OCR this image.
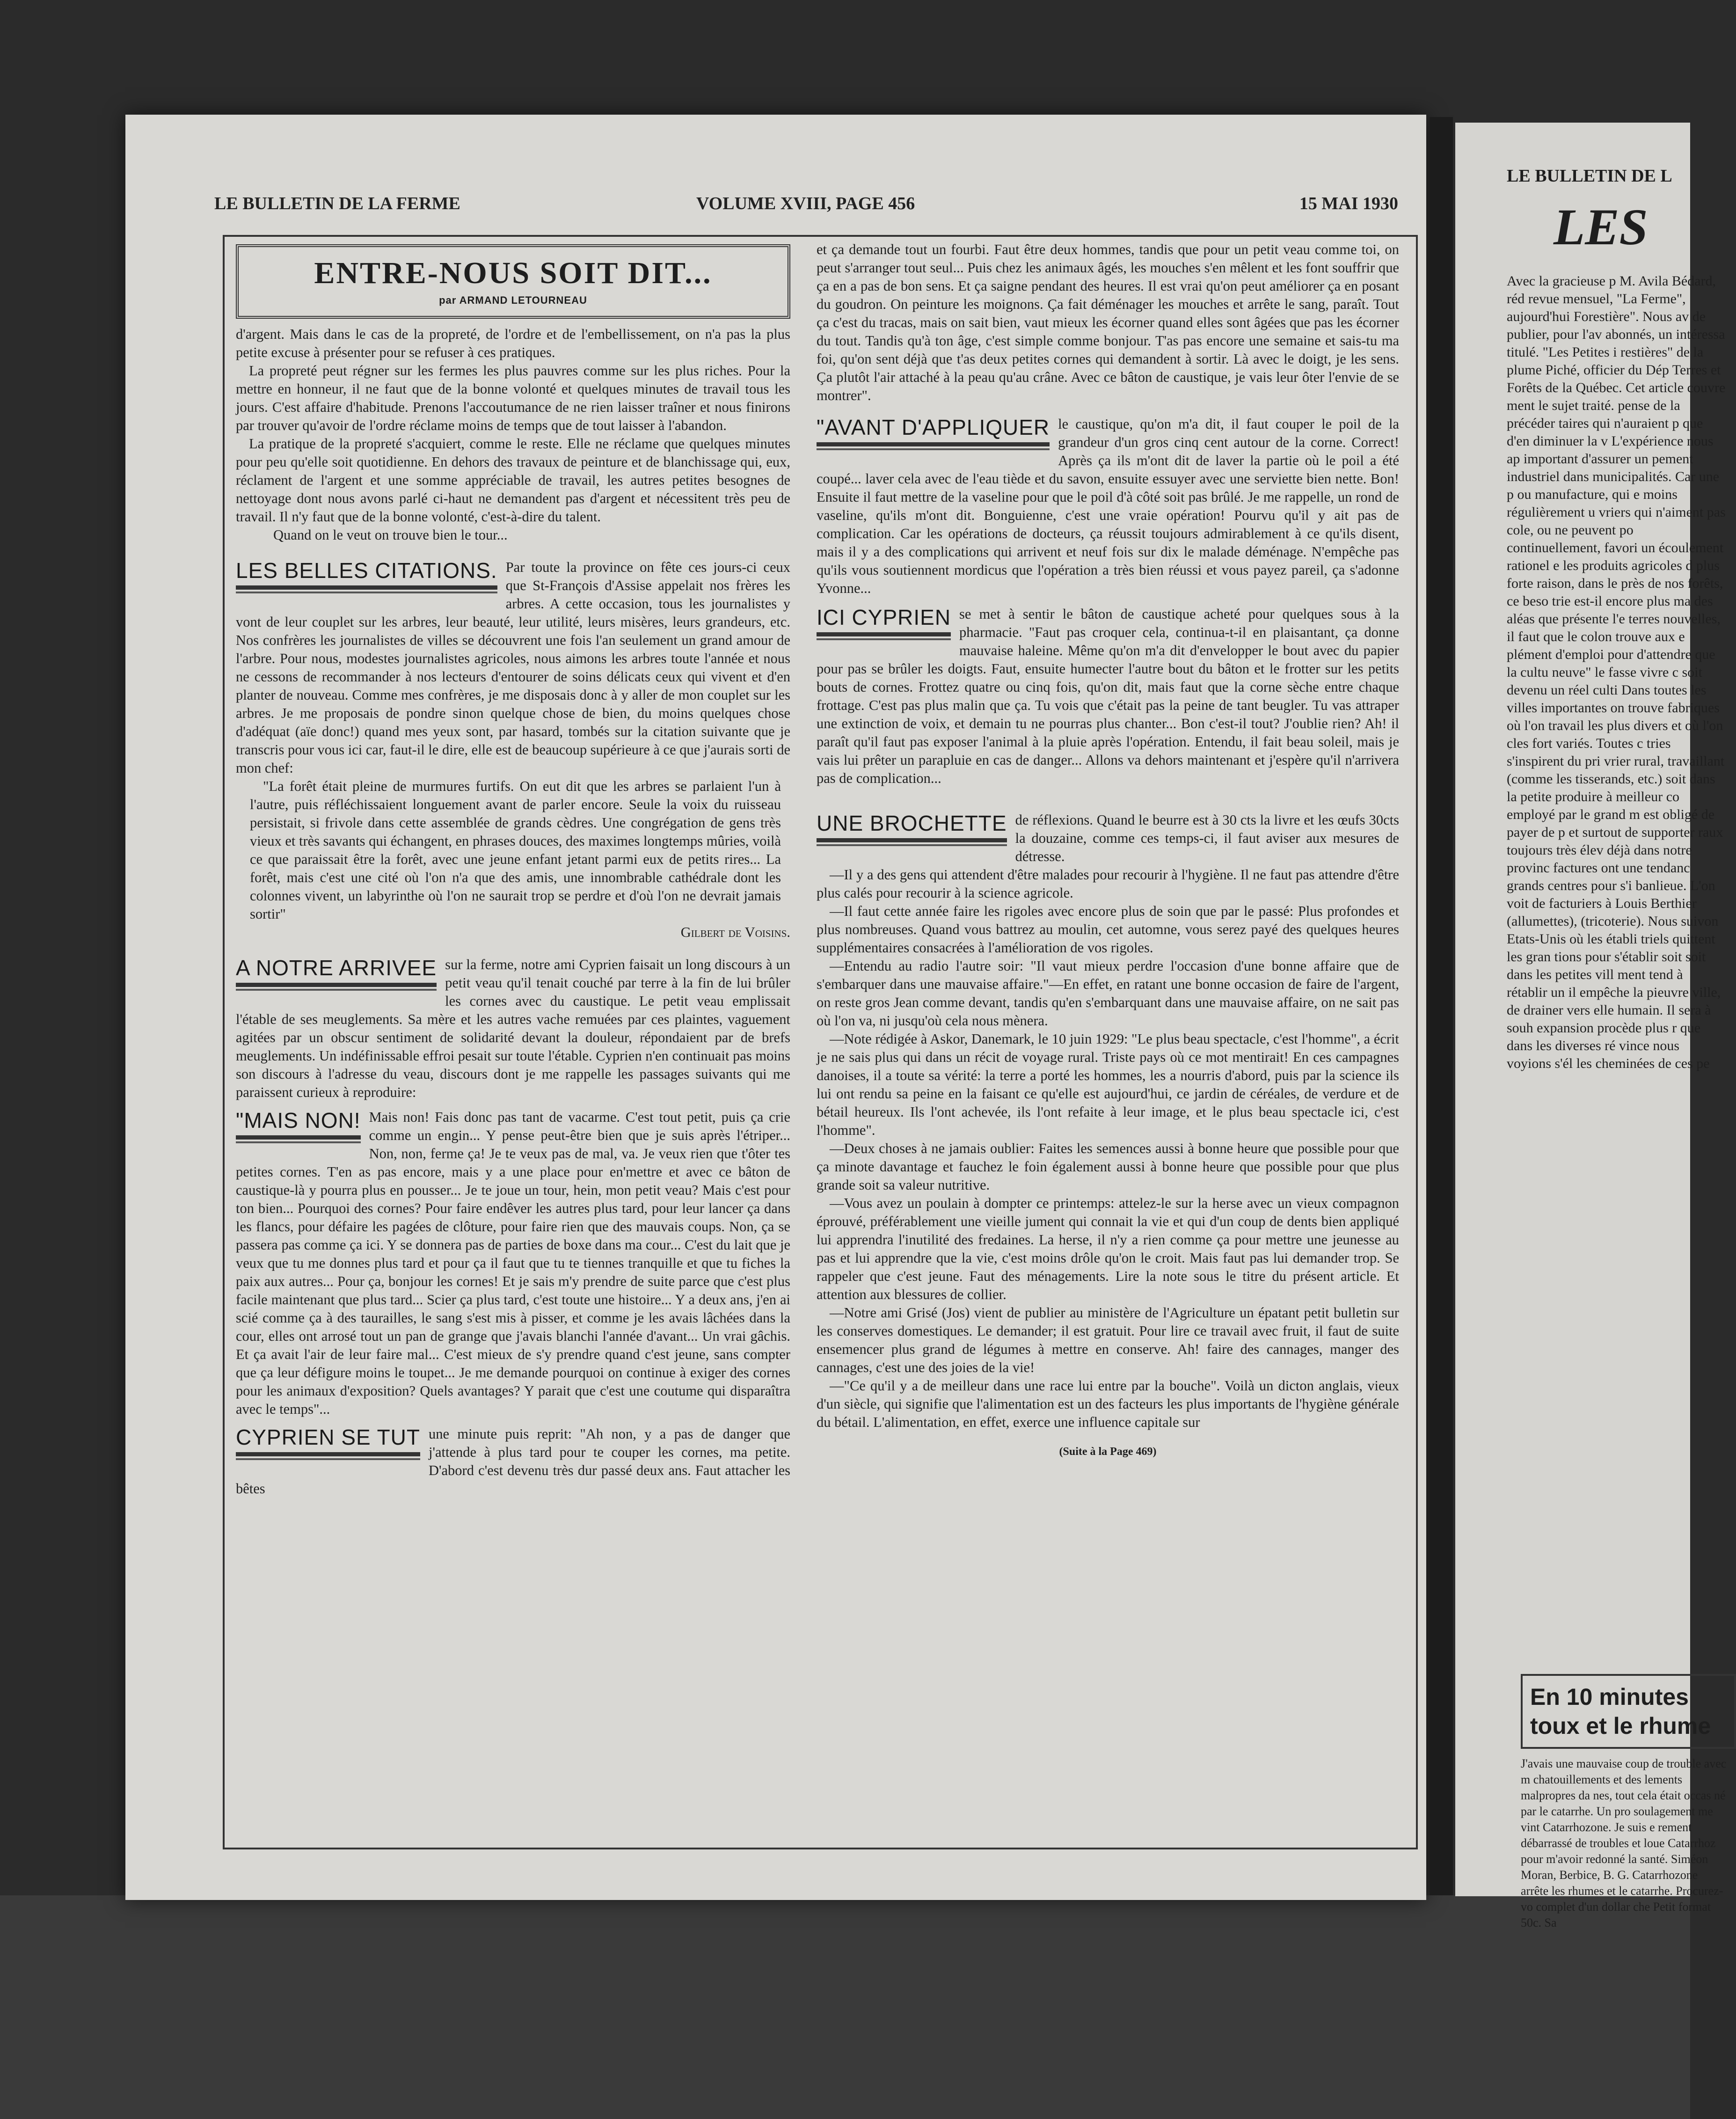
LE BULLETIN DE LA FERME	VOLUME XVIII, PAGE 456	15 MAI 1930
ENTRE-NOUS SOIT DIT...
par ARMAND LETOURNEAU

d'argent. Mais dans le cas de la propreté, de l'ordre et de l'embellissement, on n'a pas la plus petite excuse à présenter pour se refuser à ces pratiques.

La propreté peut régner sur les fermes les plus pauvres comme sur les plus riches. Pour la mettre en honneur, il ne faut que de la bonne volonté et quelques minutes de travail tous les jours. C'est affaire d'habitude. Prenons l'accoutumance de ne rien laisser traîner et nous finirons par trouver qu'avoir de l'ordre réclame moins de temps que de tout laisser à l'abandon.

La pratique de la propreté s'acquiert, comme le reste. Elle ne réclame que quelques minutes pour peu qu'elle soit quotidienne. En dehors des travaux de peinture et de blanchissage qui, eux, réclament de l'argent et une somme appréciable de travail, les autres petites besognes de nettoyage dont nous avons parlé ci-haut ne demandent pas d'argent et nécessitent très peu de travail. Il n'y faut que de la bonne volonté, c'est-à-dire du talent.

Quand on le veut on trouve bien le tour...

LES BELLES CITATIONS. Par toute la province on fête ces jours-ci ceux que St-François d'Assise appelait nos frères les arbres. A cette occasion, tous les journalistes y vont de leur couplet sur les arbres, leur beauté, leur utilité, leurs misères, leurs grandeurs, etc. Nos confrères les journalistes de villes se découvrent une fois l'an seulement un grand amour de l'arbre. Pour nous, modestes journalistes agricoles, nous aimons les arbres toute l'année et nous ne cessons de recommander à nos lecteurs d'entourer de soins délicats ceux qui vivent et d'en planter de nouveau. Comme mes confrères, je me disposais donc à y aller de mon couplet sur les arbres. Je me proposais de pondre sinon quelque chose de bien, du moins quelques chose d'adéquat (aïe donc!) quand mes yeux sont, par hasard, tombés sur la citation suivante que je transcris pour vous ici car, faut-il le dire, elle est de beaucoup supérieure à ce que j'aurais sorti de mon chef:

"La forêt était pleine de murmures furtifs. On eut dit que les arbres se parlaient l'un à l'autre, puis réfléchissaient longuement avant de parler encore. Seule la voix du ruisseau persistait, si frivole dans cette assemblée de grands cèdres. Une congrégation de gens très vieux et très savants qui échangent, en phrases douces, des maximes longtemps mûries, voilà ce que paraissait être la forêt, avec une jeune enfant jetant parmi eux de petits rires... La forêt, mais c'est une cité où l'on n'a que des amis, une innombrable cathédrale dont les colonnes vivent, un labyrinthe où l'on ne saurait trop se perdre et d'où l'on ne devrait jamais sortir"

Gilbert de Voisins.
A NOTRE ARRIVEE sur la ferme, notre ami Cyprien faisait un long discours à un petit veau qu'il tenait couché par terre à la fin de lui brûler les cornes avec du caustique. Le petit veau emplissait l'étable de ses meuglements. Sa mère et les autres vache remuées par ces plaintes, vaguement agitées par un obscur sentiment de solidarité devant la douleur, répondaient par de brefs meuglements. Un indéfinissable effroi pesait sur toute l'étable. Cyprien n'en continuait pas moins son discours à l'adresse du veau, discours dont je me rappelle les passages suivants qui me paraissent curieux à reproduire:

"MAIS NON! Mais non! Fais donc pas tant de vacarme. C'est tout petit, puis ça crie comme un engin... Y pense peut-être bien que je suis après l'étriper... Non, non, ferme ça! Je te veux pas de mal, va. Je veux rien que t'ôter tes petites cornes. T'en as pas encore, mais y a une place pour en'mettre et avec ce bâton de caustique-là y pourra plus en pousser... Je te joue un tour, hein, mon petit veau? Mais c'est pour ton bien... Pourquoi des cornes? Pour faire endêver les autres plus tard, pour leur lancer ça dans les flancs, pour défaire les pagées de clôture, pour faire rien que des mauvais coups. Non, ça se passera pas comme ça ici. Y se donnera pas de parties de boxe dans ma cour... C'est du lait que je veux que tu me donnes plus tard et pour ça il faut que tu te tiennes tranquille et que tu fiches la paix aux autres... Pour ça, bonjour les cornes! Et je sais m'y prendre de suite parce que c'est plus facile maintenant que plus tard... Scier ça plus tard, c'est toute une histoire... Y a deux ans, j'en ai scié comme ça à des taurailles, le sang s'est mis à pisser, et comme je les avais lâchées dans la cour, elles ont arrosé tout un pan de grange que j'avais blanchi l'année d'avant... Un vrai gâchis. Et ça avait l'air de leur faire mal... C'est mieux de s'y prendre quand c'est jeune, sans compter que ça leur défigure moins le toupet... Je me demande pourquoi on continue à exiger des cornes pour les animaux d'exposition? Quels avantages? Y parait que c'est une coutume qui disparaîtra avec le temps"...

CYPRIEN SE TUT une minute puis reprit: "Ah non, y a pas de danger que j'attende à plus tard pour te couper les cornes, ma petite. D'abord c'est devenu très dur passé deux ans. Faut attacher les bêtes

et ça demande tout un fourbi. Faut être deux hommes, tandis que pour un petit veau comme toi, on peut s'arranger tout seul... Puis chez les animaux âgés, les mouches s'en mêlent et les font souffrir que ça en a pas de bon sens. Et ça saigne pendant des heures. Il est vrai qu'on peut améliorer ça en posant du goudron. On peinture les moignons. Ça fait déménager les mouches et arrête le sang, paraît. Tout ça c'est du tracas, mais on sait bien, vaut mieux les écorner quand elles sont âgées que pas les écorner du tout. Tandis qu'à ton âge, c'est simple comme bonjour. T'as pas encore une semaine et sais-tu ma foi, qu'on sent déjà que t'as deux petites cornes qui demandent à sortir. Là avec le doigt, je les sens. Ça plutôt l'air attaché à la peau qu'au crâne. Avec ce bâton de caustique, je vais leur ôter l'envie de se montrer".

"AVANT D'APPLIQUER le caustique, qu'on m'a dit, il faut couper le poil de la grandeur d'un gros cinq cent autour de la corne. Correct! Après ça ils m'ont dit de laver la partie où le poil a été coupé... laver cela avec de l'eau tiède et du savon, ensuite essuyer avec une serviette bien nette. Bon! Ensuite il faut mettre de la vaseline pour que le poil d'à côté soit pas brûlé. Je me rappelle, un rond de vaseline, qu'ils m'ont dit. Bonguienne, c'est une vraie opération! Pourvu qu'il y ait pas de complication. Car les opérations de docteurs, ça réussit toujours admirablement à ce qu'ils disent, mais il y a des complications qui arrivent et neuf fois sur dix le malade déménage. N'empêche pas qu'ils vous soutiennent mordicus que l'opération a très bien réussi et vous payez pareil, ça s'adonne Yvonne...

ICI CYPRIEN se met à sentir le bâton de caustique acheté pour quelques sous à la pharmacie. "Faut pas croquer cela, continua-t-il en plaisantant, ça donne mauvaise haleine. Même qu'on m'a dit d'envelopper le bout avec du papier pour pas se brûler les doigts. Faut, ensuite humecter l'autre bout du bâton et le frotter sur les petits bouts de cornes. Frottez quatre ou cinq fois, qu'on dit, mais faut que la corne sèche entre chaque frottage. C'est pas plus malin que ça. Tu vois que c'était pas la peine de tant beugler. Tu vas attraper une extinction de voix, et demain tu ne pourras plus chanter... Bon c'est-il tout? J'oublie rien? Ah! il paraît qu'il faut pas exposer l'animal à la pluie après l'opération. Entendu, il fait beau soleil, mais je vais lui prêter un parapluie en cas de danger... Allons va dehors maintenant et j'espère qu'il n'arrivera pas de complication...

UNE BROCHETTE de réflexions. Quand le beurre est à 30 cts la livre et les œufs 30cts la douzaine, comme ces temps-ci, il faut aviser aux mesures de détresse.

—Il y a des gens qui attendent d'être malades pour recourir à l'hygiène. Il ne faut pas attendre d'être plus calés pour recourir à la science agricole.

—Il faut cette année faire les rigoles avec encore plus de soin que par le passé: Plus profondes et plus nombreuses. Quand vous battrez au moulin, cet automne, vous serez payé des quelques heures supplémentaires consacrées à l'amélioration de vos rigoles.

—Entendu au radio l'autre soir: "Il vaut mieux perdre l'occasion d'une bonne affaire que de s'embarquer dans une mauvaise affaire."—En effet, en ratant une bonne occasion de faire de l'argent, on reste gros Jean comme devant, tandis qu'en s'embarquant dans une mauvaise affaire, on ne sait pas où l'on va, ni jusqu'où cela nous mènera.

—Note rédigée à Askor, Danemark, le 10 juin 1929: "Le plus beau spectacle, c'est l'homme", a écrit je ne sais plus qui dans un récit de voyage rural. Triste pays où ce mot mentirait! En ces campagnes danoises, il a toute sa vérité: la terre a porté les hommes, les a nourris d'abord, puis par la science ils lui ont rendu sa peine en la faisant ce qu'elle est aujourd'hui, ce jardin de céréales, de verdure et de bétail heureux. Ils l'ont achevée, ils l'ont refaite à leur image, et le plus beau spectacle ici, c'est l'homme".

—Deux choses à ne jamais oublier: Faites les semences aussi à bonne heure que possible pour que ça minote davantage et fauchez le foin également aussi à bonne heure que possible pour que plus grande soit sa valeur nutritive.

—Vous avez un poulain à dompter ce printemps: attelez-le sur la herse avec un vieux compagnon éprouvé, préférablement une vieille jument qui connait la vie et qui d'un coup de dents bien appliqué lui apprendra l'inutilité des fredaines. La herse, il n'y a rien comme ça pour mettre une jeunesse au pas et lui apprendre que la vie, c'est moins drôle qu'on le croit. Mais faut pas lui demander trop. Se rappeler que c'est jeune. Faut des ménagements. Lire la note sous le titre du présent article. Et attention aux blessures de collier.

—Notre ami Grisé (Jos) vient de publier au ministère de l'Agriculture un épatant petit bulletin sur les conserves domestiques. Le demander; il est gratuit. Pour lire ce travail avec fruit, il faut de suite ensemencer plus grand de légumes à mettre en conserve. Ah! faire des cannages, manger des cannages, c'est une des joies de la vie!

—"Ce qu'il y a de meilleur dans une race lui entre par la bouche". Voilà un dicton anglais, vieux d'un siècle, qui signifie que l'alimentation est un des facteurs les plus importants de l'hygiène générale du bétail. L'alimentation, en effet, exerce une influence capitale sur

(Suite à la Page 469)
LE BULLETIN DE L
LES
Avec la gracieuse p M. Avila Bédard, réd revue mensuel, "La Ferme", aujourd'hui Forestière". Nous av de publier, pour l'av abonnés, un intéressa titulé. "Les Petites i restières" de la plume Piché, officier du Dép Terres et Forêts de la Québec. Cet article couvre ment le sujet traité. pense de la précéder taires qui n'auraient p que d'en diminuer la v L'expérience nous ap important d'assurer un pement industriel dans municipalités. Car une p ou manufacture, qui e moins régulièrement u vriers qui n'aiment pas cole, ou ne peuvent po continuellement, favori un écoulement rationel e les produits agricoles d plus forte raison, dans le près de nos forêts, ce beso trie est-il encore plus ma des aléas que présente l'e terres nouvelles, il faut que le colon trouve aux e plément d'emploi pour d'attendre que la cultu neuve" le fasse vivre c soit devenu un réel culti Dans toutes les villes importantes on trouve fabriques où l'on travail les plus divers et où l'on cles fort variés. Toutes c tries s'inspirent du pri vrier rural, travaillant (comme les tisserands, etc.) soit dans la petite produire à meilleur co employé par le grand m est obligé de payer de p et surtout de supporter raux toujours très élev déjà dans notre provinc factures ont une tendanc grands centres pour s'i banlieue. L'on voit de facturiers à Louis Berthier (allumettes), (tricoterie). Nous suivon Etats-Unis où les établi triels quittent les gran tions pour s'établir soit soit dans les petites vill ment tend à rétablir un il empêche la pieuvre ville, de drainer vers elle humain. Il sera à souh expansion procède plus r que dans les diverses ré vince nous voyions s'él les cheminées de ces pe
En 10 minutes
toux et le rhume
J'avais une mauvaise coup de trouble avec m chatouillements et des lements malpropres da nes, tout cela était occas né par le catarrhe. Un pro soulagement me vint Catarrhozone. Je suis e rement débarrassé de troubles et loue Catarrhoz pour m'avoir redonné la santé. Siméon Moran, Berbice, B. G. Catarrhozone arrête les rhumes et le catarrhe. Procurez-vo complet d'un dollar che Petit format 50c. Sa
